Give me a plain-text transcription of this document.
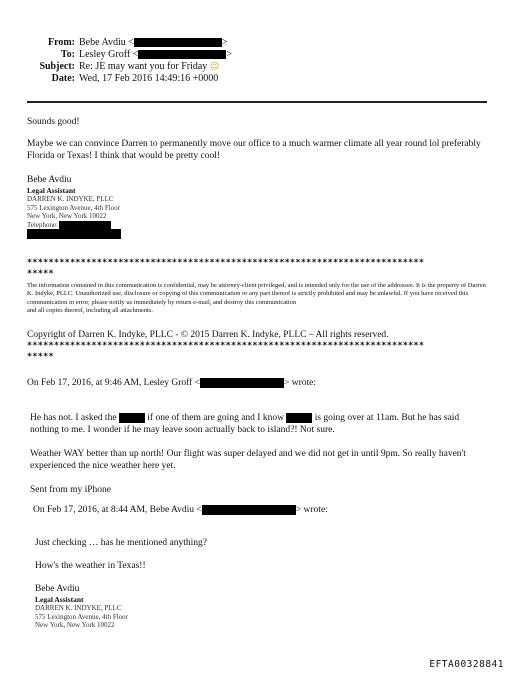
From: Bebe Avdiu <	>
To: Lesley Groff <	>
Subject: Re: JE may want you for Friday 😉
Date: Wed, 17 Feb 2016 14:49:16 +0000
Sounds good!
Maybe we can convince Darren to permanently move our office to a much warmer climate all year round lol preferably Florida or Texas! I think that would be pretty cool!
Bebe Avdiu
Legal Assistant
DARREN K. INDYKE, PLLC
575 Lexington Avenue, 4th Floor
New York, New York 10022
Telephone:
**************************************************************************
*****
The information contained in this communication is confidential, may be attorney-client privileged, and is intended only for the use of the addressee. It is the property of Darren K. Indyke, PLLC. Unauthorized use, disclosure or copying of this communication or any part thereof is strictly prohibited and may be unlawful. If you have received this communication in error, please notify us immediately by return e-mail, and destroy this communication
and all copies thereof, including all attachments.
Copyright of Darren K. Indyke, PLLC - © 2015 Darren K. Indyke, PLLC – All rights reserved.
**************************************************************************
*****
On Feb 17, 2016, at 9:46 AM, Lesley Groff <	> wrote:
He has not. I asked the	if one of them are going and I know	is going over at 11am. But he has said nothing to me. I wonder if he may leave soon actually back to island?! Not sure.
Weather WAY better than up north! Our flight was super delayed and we did not get in until 9pm. So really haven't experienced the nice weather here yet.
Sent from my iPhone
On Feb 17, 2016, at 8:44 AM, Bebe Avdiu <	> wrote:
Just checking … has he mentioned anything?
How's the weather in Texas!!
Bebe Avdiu
Legal Assistant
DARREN K. INDYKE, PLLC
575 Lexington Avenue, 4th Floor
New York, New York 10022
EFTA00328841
